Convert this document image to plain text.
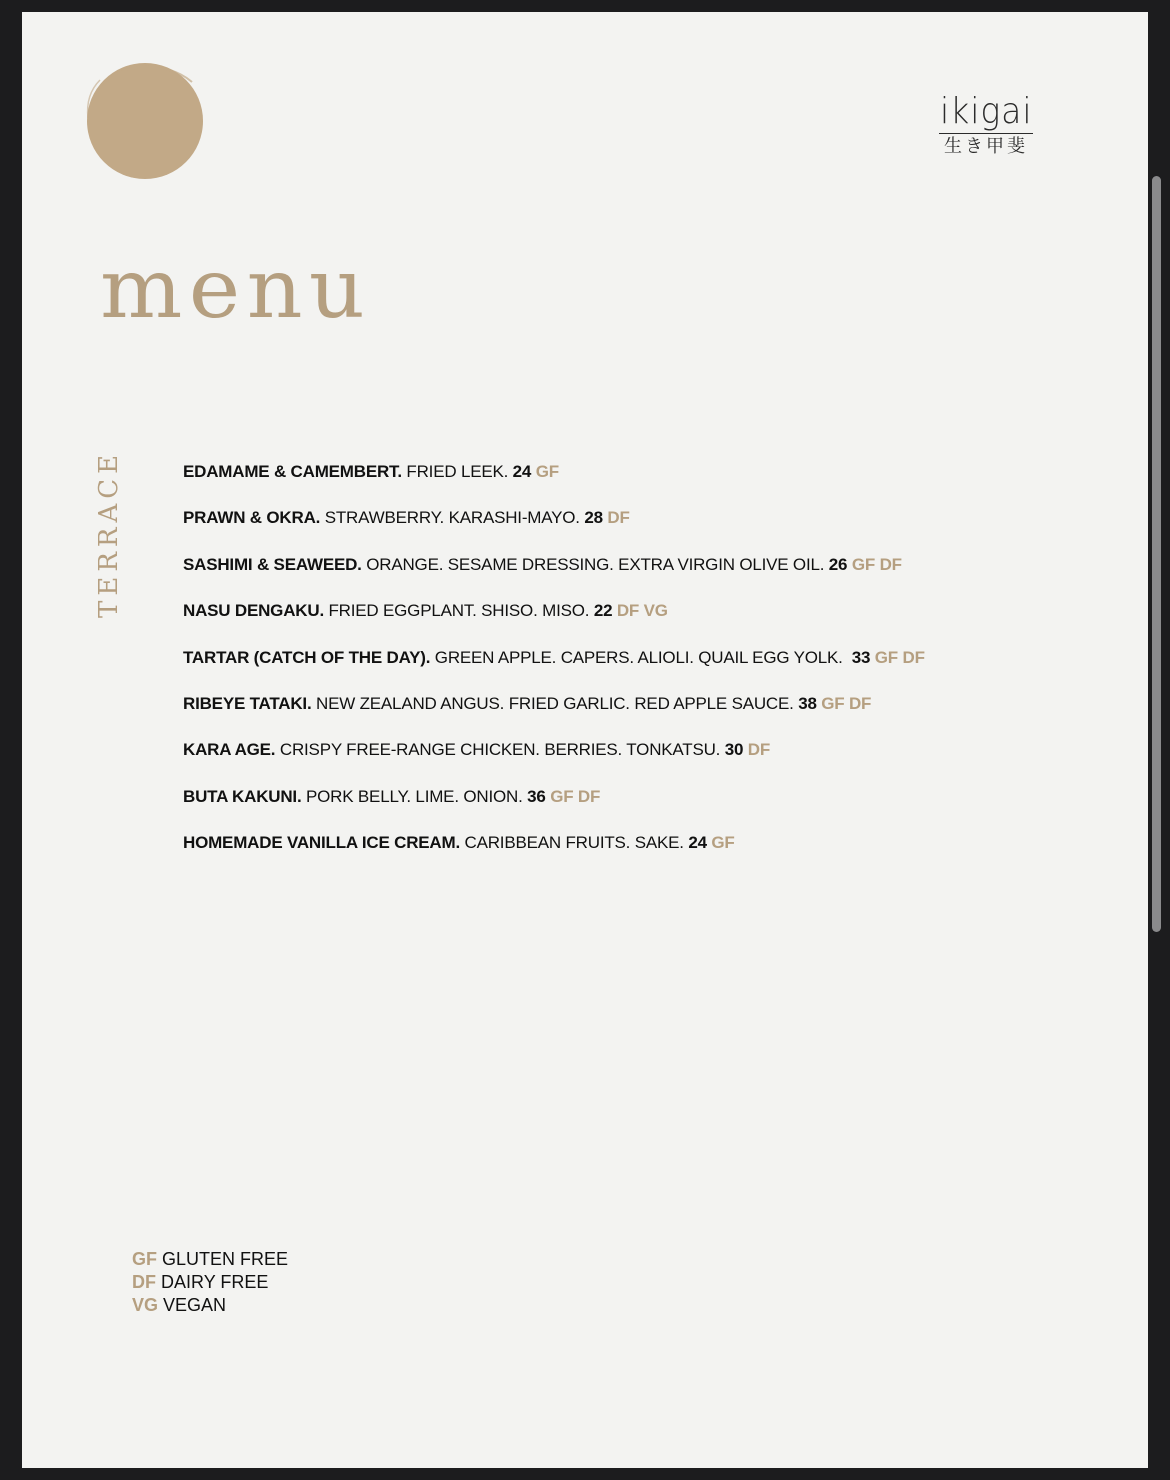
ikigai
生き甲斐
menu
TERRACE	EDAMAME & CAMEMBERT. FRIED LEEK. 24 GF
PRAWN & OKRA. STRAWBERRY. KARASHI-MAYO. 28 DF
SASHIMI & SEAWEED. ORANGE. SESAME DRESSING. EXTRA VIRGIN OLIVE OIL. 26 GF DF
NASU DENGAKU. FRIED EGGPLANT. SHISO. MISO. 22 DF VG
TARTAR (CATCH OF THE DAY). GREEN APPLE. CAPERS. ALIOLI. QUAIL EGG YOLK. 33 GF DF
RIBEYE TATAKI. NEW ZEALAND ANGUS. FRIED GARLIC. RED APPLE SAUCE. 38 GF DF
KARA AGE. CRISPY FREE-RANGE CHICKEN. BERRIES. TONKATSU. 30 DF
BUTA KAKUNI. PORK BELLY. LIME. ONION. 36 GF DF
HOMEMADE VANILLA ICE CREAM. CARIBBEAN FRUITS. SAKE. 24 GF
GF GLUTEN FREE
DF DAIRY FREE
VG VEGAN
